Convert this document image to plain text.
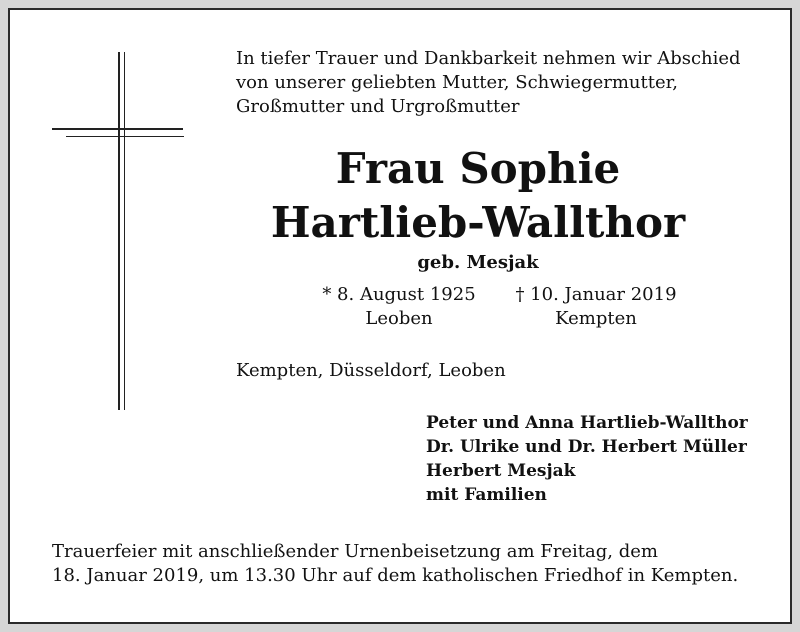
In tiefer Trauer und Dankbarkeit nehmen wir Abschied
von unserer geliebten Mutter, Schwiegermutter,
Großmutter und Urgroßmutter
Frau Sophie
Hartlieb-Wallthor
geb. Mesjak
* 8. August 1925
Leoben
† 10. Januar 2019
Kempten
Kempten, Düsseldorf, Leoben
Peter und Anna Hartlieb-Wallthor
Dr. Ulrike und Dr. Herbert Müller
Herbert Mesjak
mit Familien
Trauerfeier mit anschließender Urnenbeisetzung am Freitag, dem
18. Januar 2019, um 13.30 Uhr auf dem katholischen Friedhof in Kempten.
